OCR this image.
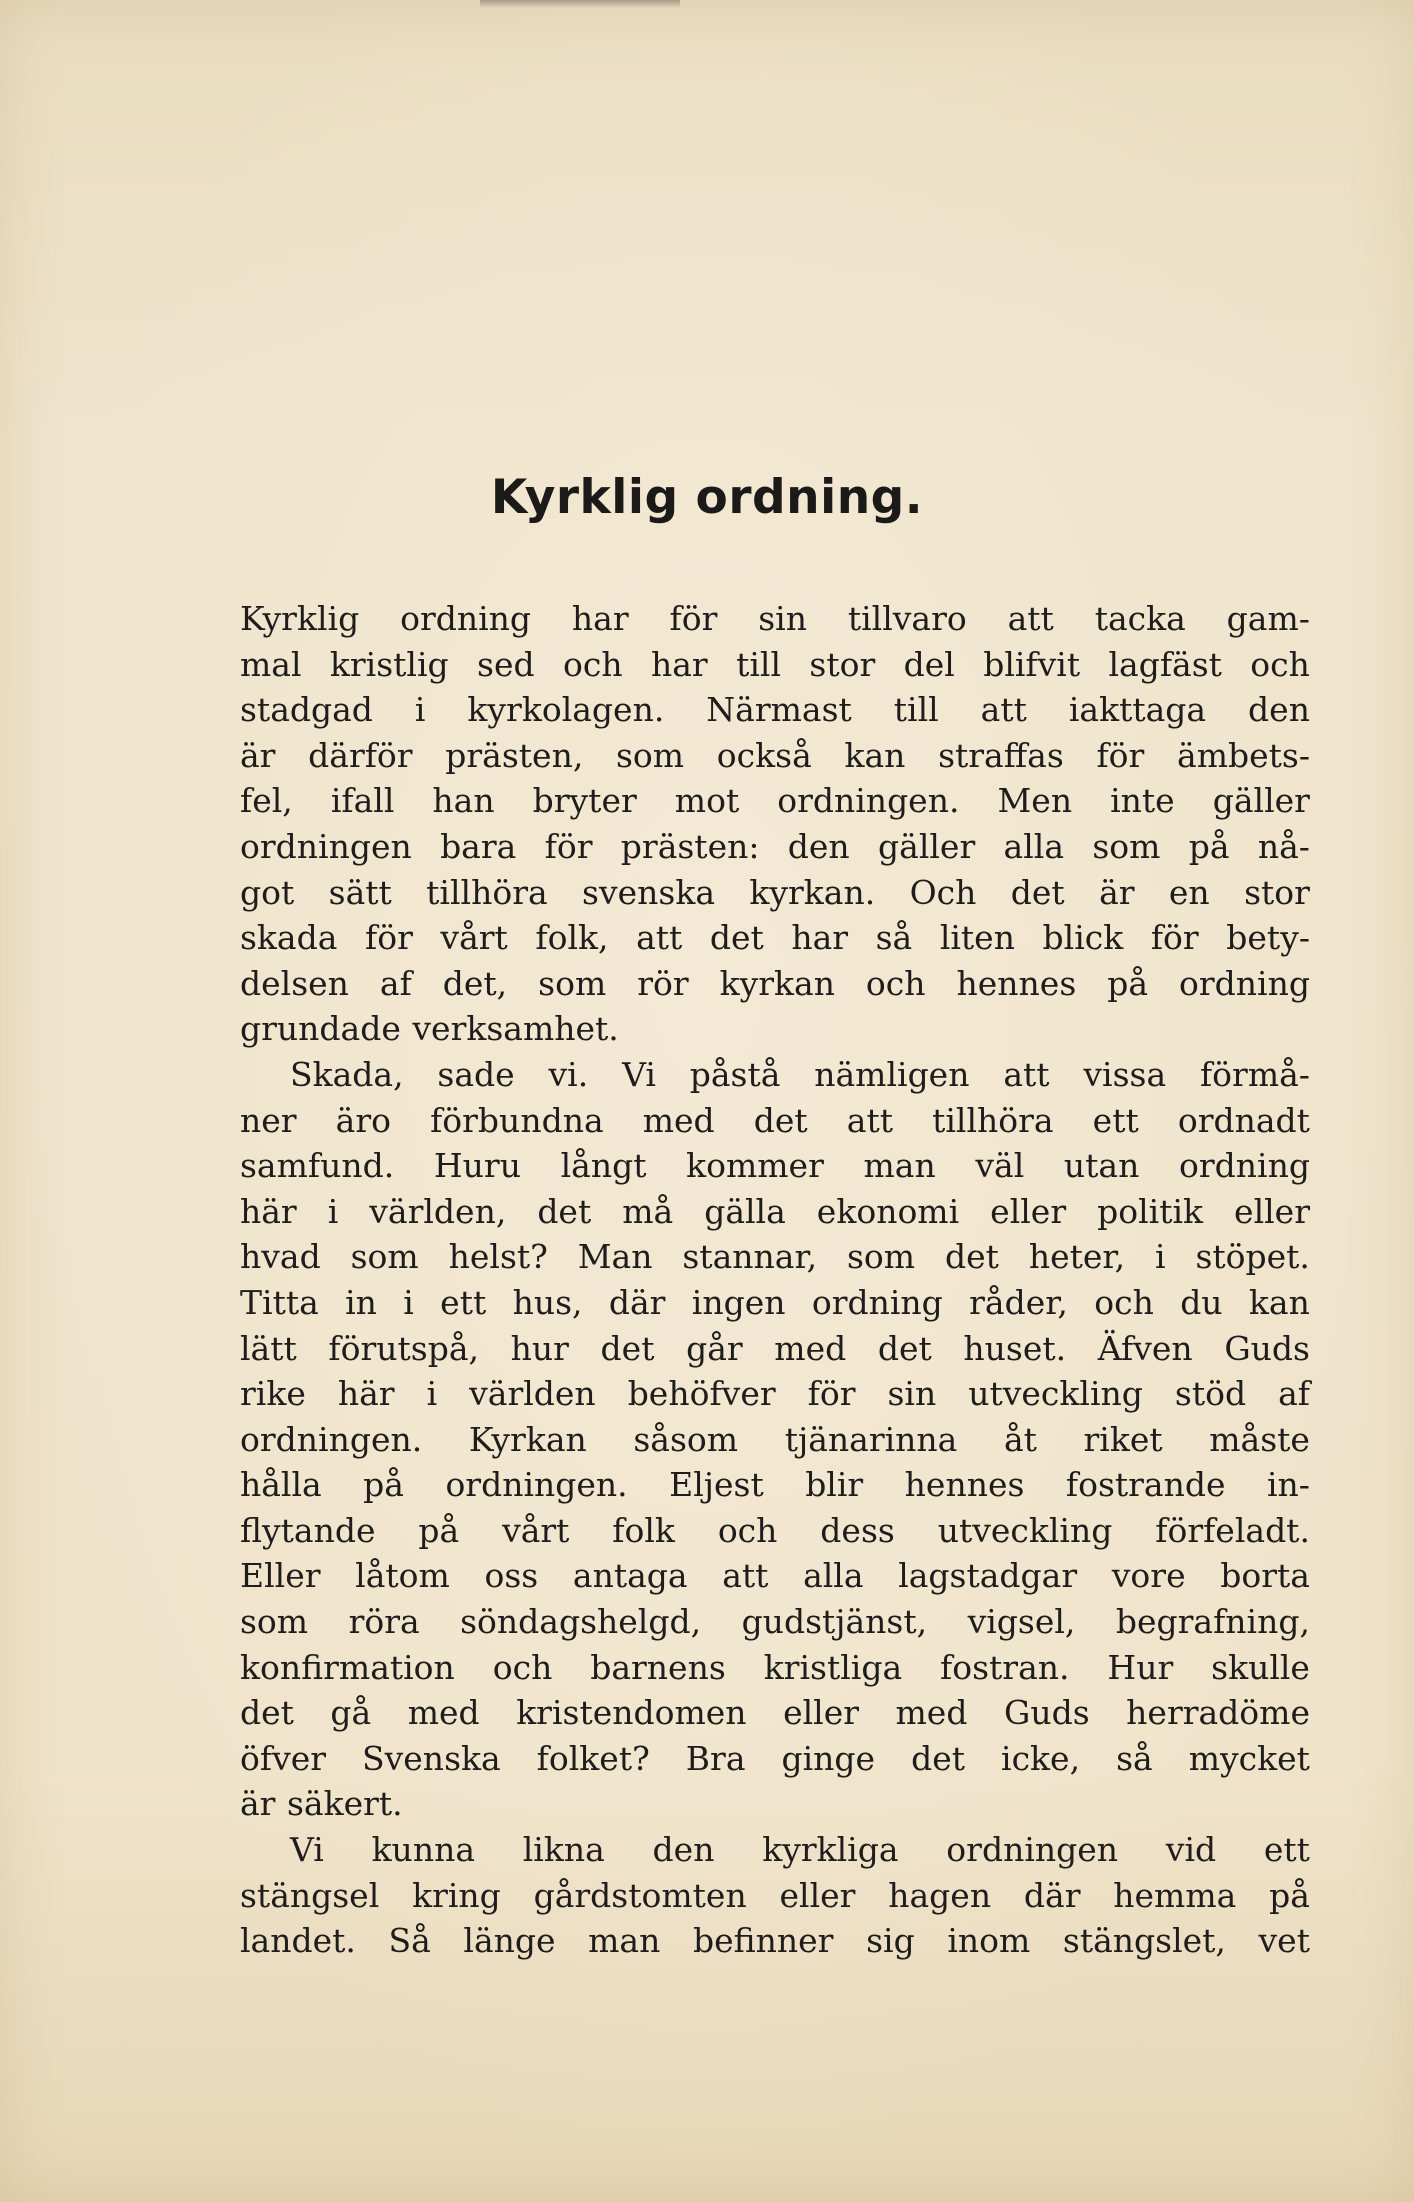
Kyrklig ordning.
Kyrklig ordning har för sin tillvaro att tacka gam-
mal kristlig sed och har till stor del blifvit lagfäst och
stadgad i kyrkolagen. Närmast till att iakttaga den
är därför prästen, som också kan straffas för ämbets-
fel, ifall han bryter mot ordningen. Men inte gäller
ordningen bara för prästen: den gäller alla som på nå-
got sätt tillhöra svenska kyrkan. Och det är en stor
skada för vårt folk, att det har så liten blick för bety-
delsen af det, som rör kyrkan och hennes på ordning
grundade verksamhet.
Skada, sade vi. Vi påstå nämligen att vissa förmå-
ner äro förbundna med det att tillhöra ett ordnadt
samfund. Huru långt kommer man väl utan ordning
här i världen, det må gälla ekonomi eller politik eller
hvad som helst? Man stannar, som det heter, i stöpet.
Titta in i ett hus, där ingen ordning råder, och du kan
lätt förutspå, hur det går med det huset. Äfven Guds
rike här i världen behöfver för sin utveckling stöd af
ordningen. Kyrkan såsom tjänarinna åt riket måste
hålla på ordningen. Eljest blir hennes fostrande in-
flytande på vårt folk och dess utveckling förfeladt.
Eller låtom oss antaga att alla lagstadgar vore borta
som röra söndagshelgd, gudstjänst, vigsel, begrafning,
konfirmation och barnens kristliga fostran. Hur skulle
det gå med kristendomen eller med Guds herradöme
öfver Svenska folket? Bra ginge det icke, så mycket
är säkert.
Vi kunna likna den kyrkliga ordningen vid ett
stängsel kring gårdstomten eller hagen där hemma på
landet. Så länge man befinner sig inom stängslet, vet
